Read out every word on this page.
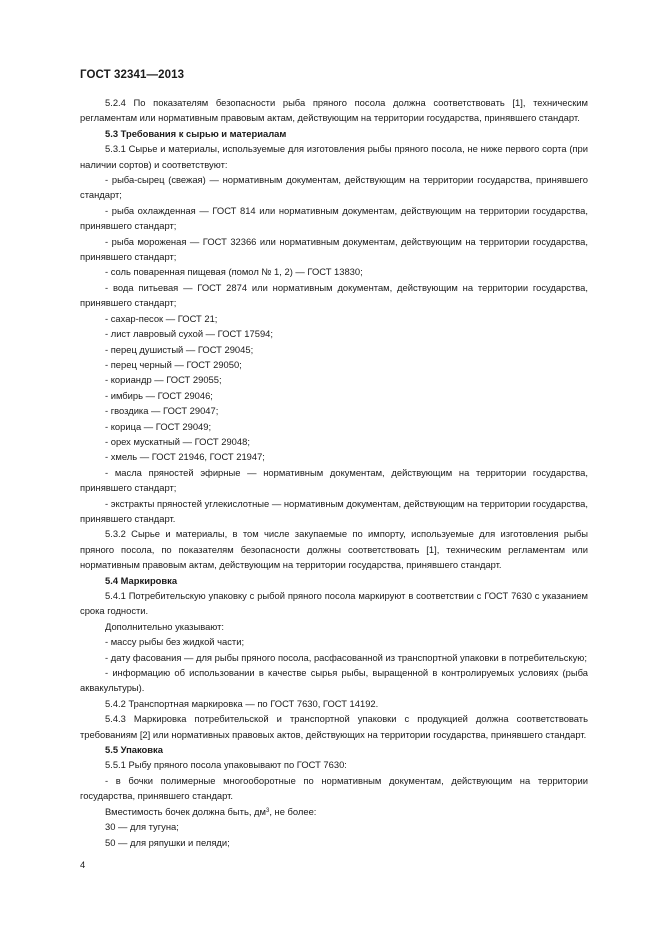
ГОСТ 32341—2013

5.2.4 По показателям безопасности рыба пряного посола должна соответствовать [1], техническим регламентам или нормативным правовым актам, действующим на территории государства, принявшего стандарт.

5.3 Требования к сырью и материалам

5.3.1 Сырье и материалы, используемые для изготовления рыбы пряного посола, не ниже первого сорта (при наличии сортов) и соответствуют:

- рыба-сырец (свежая) — нормативным документам, действующим на территории государства, принявшего стандарт;

- рыба охлажденная — ГОСТ 814 или нормативным документам, действующим на территории государства, принявшего стандарт;

- рыба мороженая — ГОСТ 32366 или нормативным документам, действующим на территории государства, принявшего стандарт;

- соль поваренная пищевая (помол № 1, 2) — ГОСТ 13830;

- вода питьевая — ГОСТ 2874 или нормативным документам, действующим на территории государства, принявшего стандарт;

- сахар-песок — ГОСТ 21;

- лист лавровый сухой — ГОСТ 17594;

- перец душистый — ГОСТ 29045;

- перец черный — ГОСТ 29050;

- кориандр — ГОСТ 29055;

- имбирь — ГОСТ 29046;

- гвоздика — ГОСТ 29047;

- корица — ГОСТ 29049;

- орех мускатный — ГОСТ 29048;

- хмель — ГОСТ 21946, ГОСТ 21947;

- масла пряностей эфирные — нормативным документам, действующим на территории государства, принявшего стандарт;

- экстракты пряностей углекислотные — нормативным документам, действующим на территории государства, принявшего стандарт.

5.3.2 Сырье и материалы, в том числе закупаемые по импорту, используемые для изготовления рыбы пряного посола, по показателям безопасности должны соответствовать [1], техническим регламентам или нормативным правовым актам, действующим на территории государства, принявшего стандарт.

5.4 Маркировка

5.4.1 Потребительскую упаковку с рыбой пряного посола маркируют в соответствии с ГОСТ 7630 с указанием срока годности.

Дополнительно указывают:

- массу рыбы без жидкой части;

- дату фасования — для рыбы пряного посола, расфасованной из транспортной упаковки в потребительскую;

- информацию об использовании в качестве сырья рыбы, выращенной в контролируемых условиях (рыба аквакультуры).

5.4.2 Транспортная маркировка — по ГОСТ 7630, ГОСТ 14192.

5.4.3 Маркировка потребительской и транспортной упаковки с продукцией должна соответствовать требованиям [2] или нормативных правовых актов, действующих на территории государства, принявшего стандарт.

5.5 Упаковка

5.5.1 Рыбу пряного посола упаковывают по ГОСТ 7630:

- в бочки полимерные многооборотные по нормативным документам, действующим на территории государства, принявшего стандарт.

Вместимость бочек должна быть, $дм^3$, не более:

30 — для тугуна;

50 — для ряпушки и пеляди;

4
